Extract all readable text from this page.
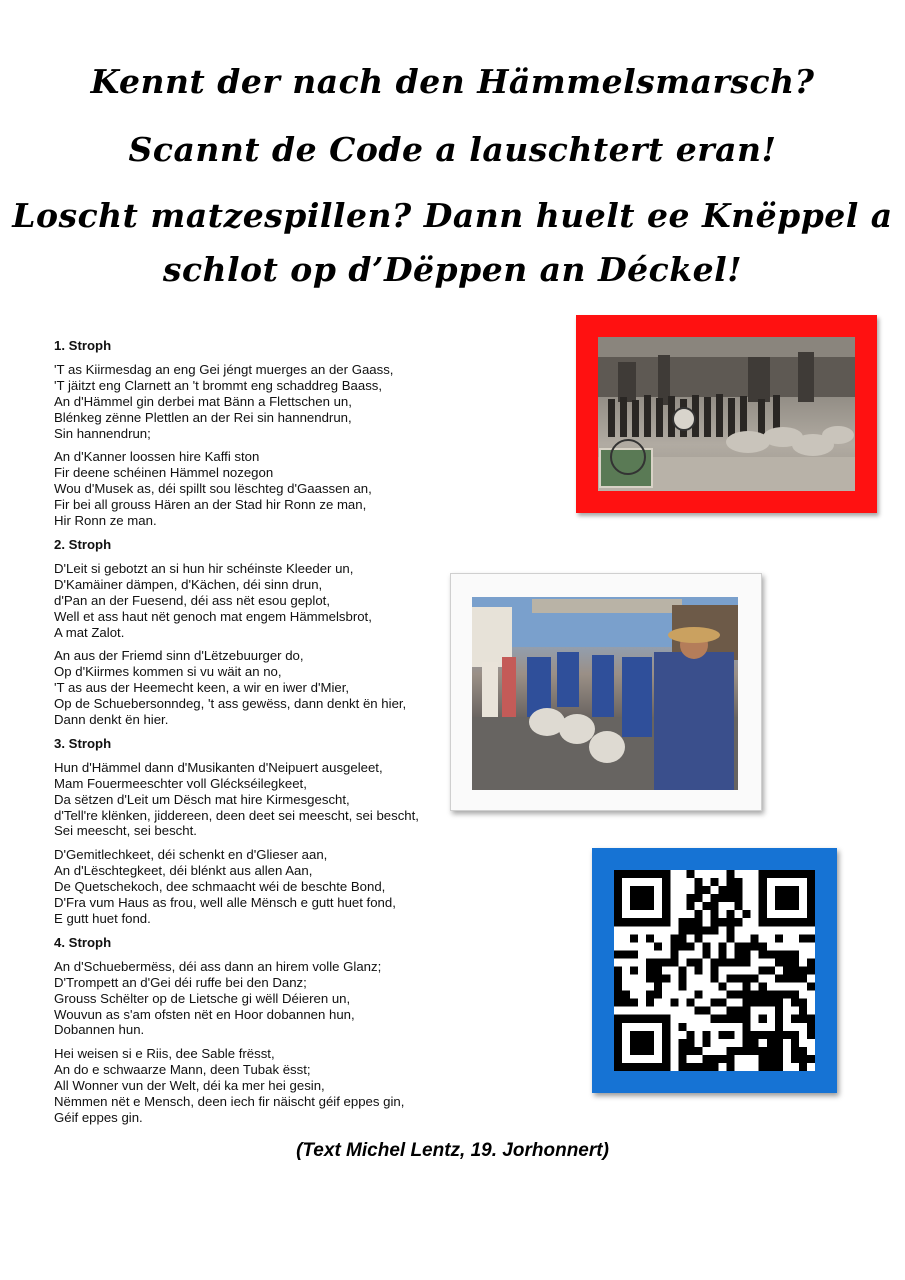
Kennt der nach den Hämmelsmarsch?
Scannt de Code a lauschtert eran!
Loscht matzespillen? Dann huelt ee Knëppel a
schlot op d’Dëppen an Déckel!
1. Stroph
'T as Kiirmesdag an eng Gei jéngt muerges an der Gaass,
'T jäitzt eng Clarnett an 't brommt eng schaddreg Baass,
An d'Hämmel gin derbei mat Bänn a Flettschen un,
Blénkeg zënne Plettlen an der Rei sin hannendrun,
Sin hannendrun;
An d'Kanner loossen hire Kaffi ston
Fir deene schéinen Hämmel nozegon
Wou d'Musek as, déi spillt sou lëschteg d'Gaassen an,
Fir bei all grouss Hären an der Stad hir Ronn ze man,
Hir Ronn ze man.
2. Stroph
D'Leit si gebotzt an si hun hir schéinste Kleeder un,
D'Kamäiner dämpen, d'Kächen, déi sinn drun,
d'Pan an der Fuesend, déi ass nët esou geplot,
Well et ass haut nët genoch mat engem Hämmelsbrot,
A mat Zalot.
An aus der Friemd sinn d'Lëtzebuurger do,
Op d'Kiirmes kommen si vu wäit an no,
'T as aus der Heemecht keen, a wir en iwer d'Mier,
Op de Schuebersonndeg, 't ass gewëss, dann denkt ën hier,
Dann denkt ën hier.
3. Stroph
Hun d'Hämmel dann d'Musikanten d'Neipuert ausgeleet,
Mam Fouermeeschter voll Gléckséilegkeet,
Da sëtzen d'Leit um Dësch mat hire Kirmesgescht,
d'Tell're klënken, jiddereen, deen deet sei meescht, sei bescht,
Sei meescht, sei bescht.
D'Gemitlechkeet, déi schenkt en d'Glieser aan,
An d'Lëschtegkeet, déi blénkt aus allen Aan,
De Quetschekoch, dee schmaacht wéi de beschte Bond,
D'Fra vum Haus as frou, well alle Mënsch e gutt huet fond,
E gutt huet fond.
4. Stroph
An d'Schuebermëss, déi ass dann an hirem volle Glanz;
D'Trompett an d'Gei déi ruffe bei den Danz;
Grouss Schëlter op de Lietsche gi wëll Déieren un,
Wouvun as s'am ofsten nët en Hoor dobannen hun,
Dobannen hun.
Hei weisen si e Riis, dee Sable frësst,
An do e schwaarze Mann, deen Tubak ësst;
All Wonner vun der Welt, déi ka mer hei gesin,
Nëmmen nët e Mensch, deen iech fir näischt géif eppes gin,
Géif eppes gin.
(Text Michel Lentz, 19. Jorhonnert)
